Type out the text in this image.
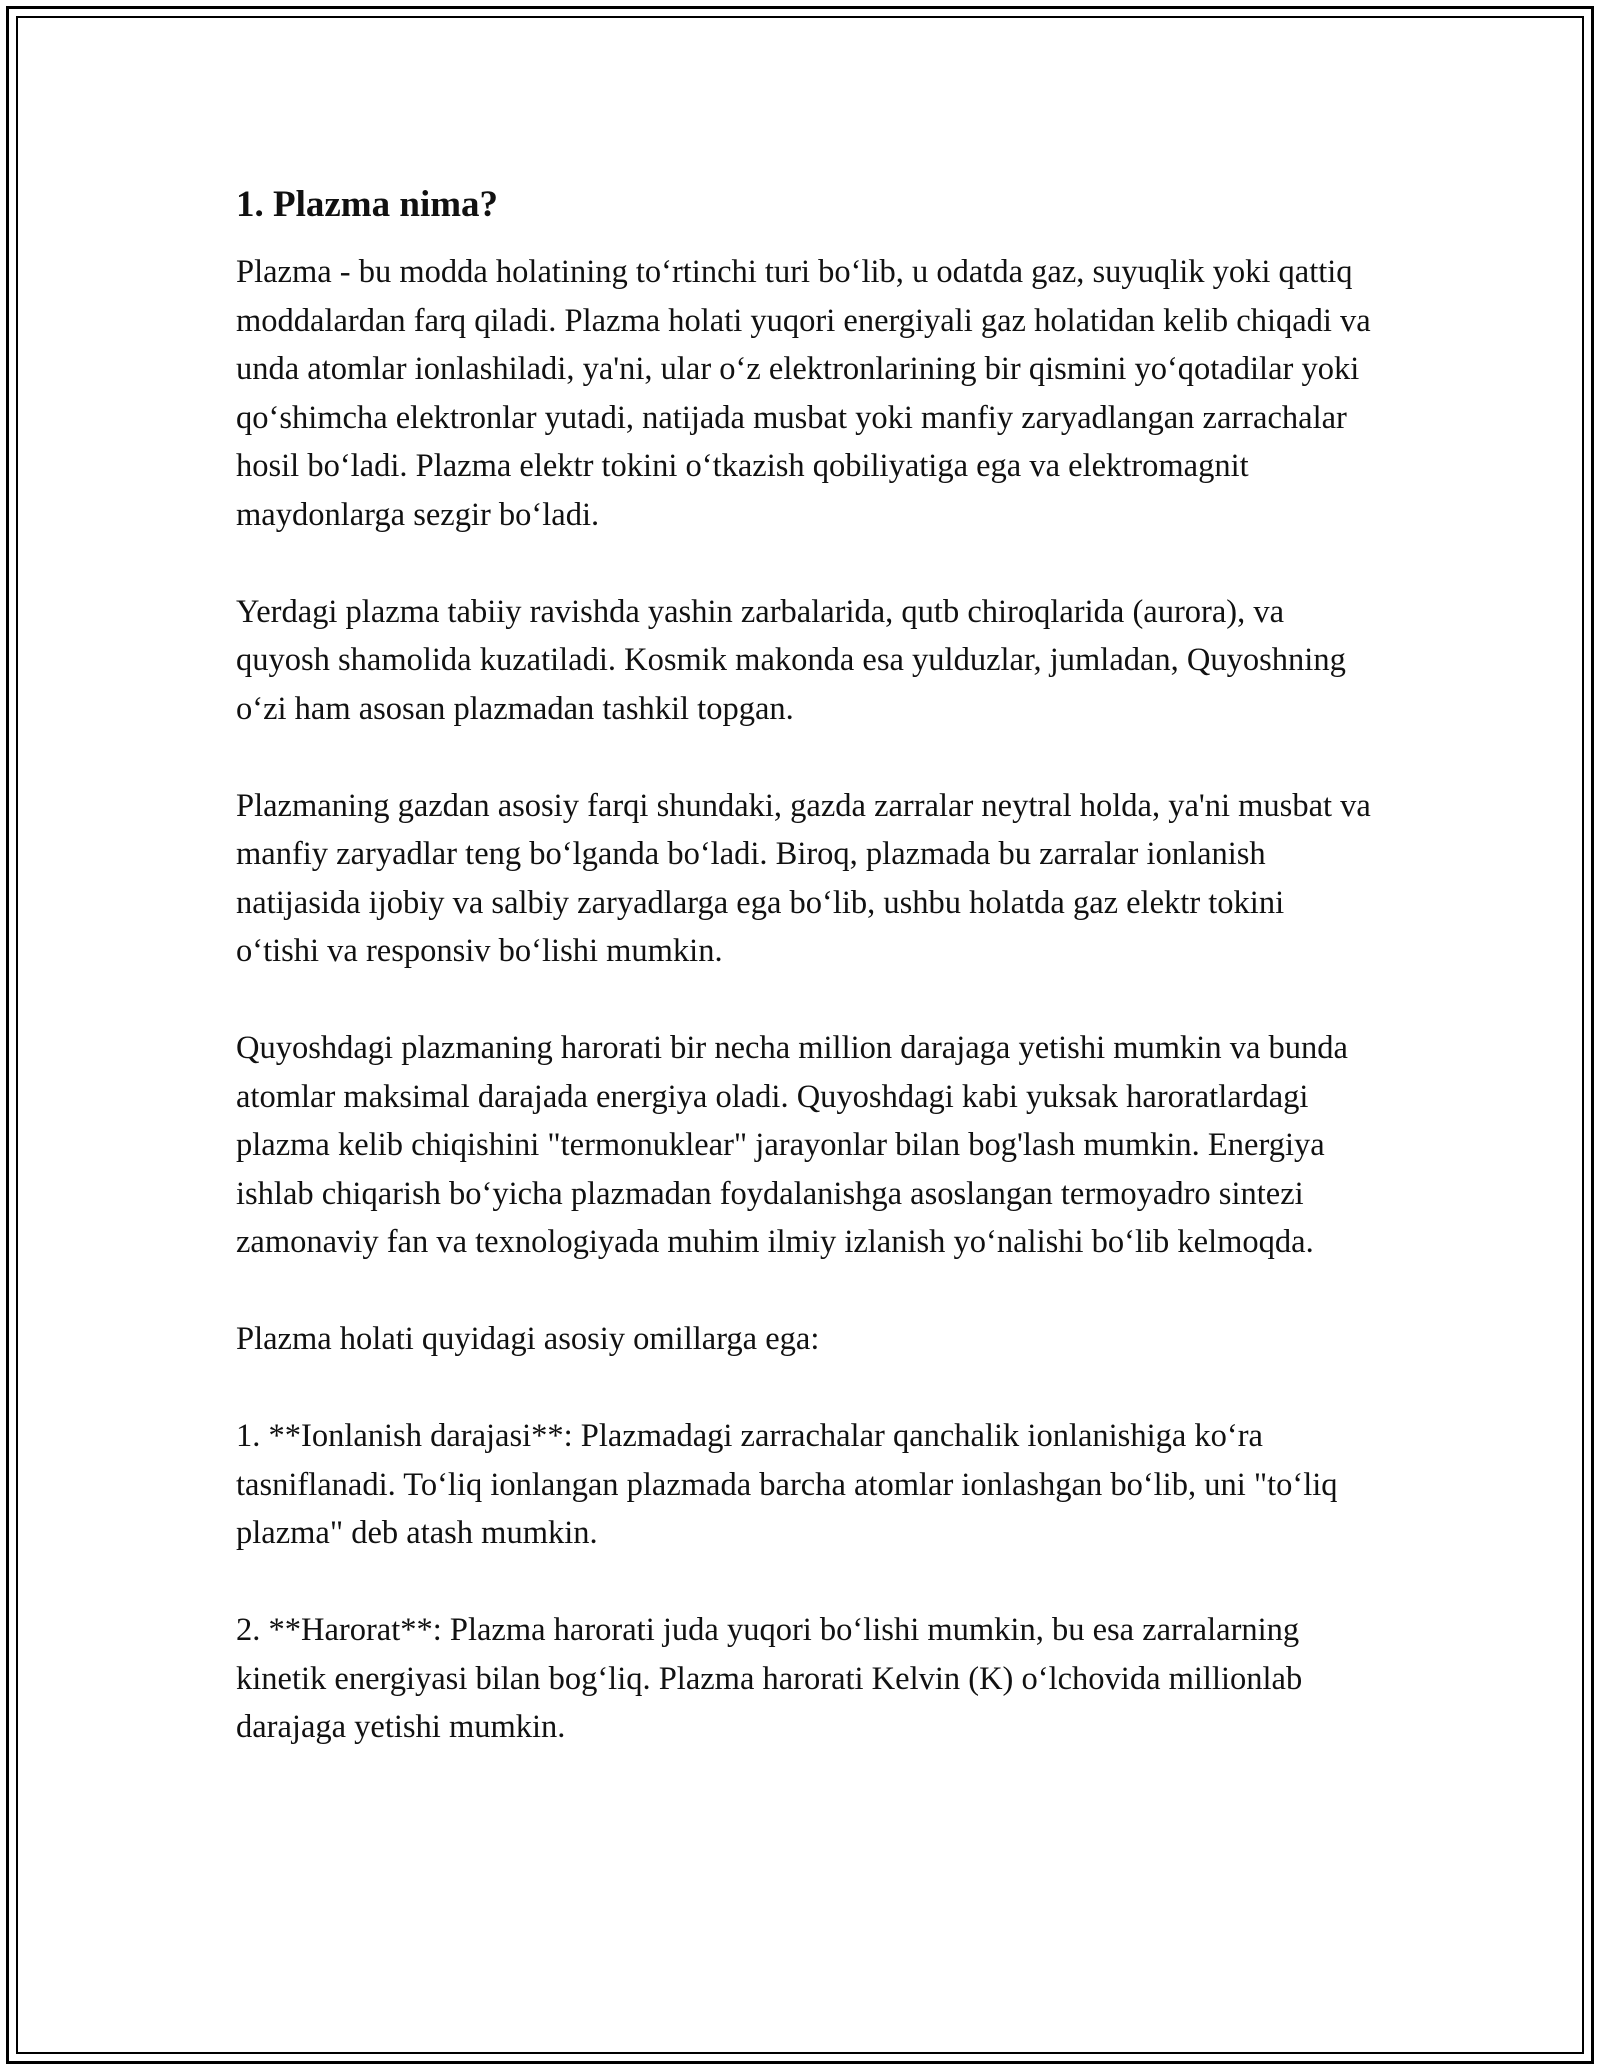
1. Plazma nima?

Plazma - bu modda holatining to‘rtinchi turi bo‘lib, u odatda gaz, suyuqlik yoki qattiq moddalardan farq qiladi. Plazma holati yuqori energiyali gaz holatidan kelib chiqadi va unda atomlar ionlashiladi, ya'ni, ular o‘z elektronlarining bir qismini yo‘qotadilar yoki qo‘shimcha elektronlar yutadi, natijada musbat yoki manfiy zaryadlangan zarrachalar hosil bo‘ladi. Plazma elektr tokini o‘tkazish qobiliyatiga ega va elektromagnit maydonlarga sezgir bo‘ladi.

Yerdagi plazma tabiiy ravishda yashin zarbalarida, qutb chiroqlarida (aurora), va quyosh shamolida kuzatiladi. Kosmik makonda esa yulduzlar, jumladan, Quyoshning o‘zi ham asosan plazmadan tashkil topgan.

Plazmaning gazdan asosiy farqi shundaki, gazda zarralar neytral holda, ya'ni musbat va manfiy zaryadlar teng bo‘lganda bo‘ladi. Biroq, plazmada bu zarralar ionlanish natijasida ijobiy va salbiy zaryadlarga ega bo‘lib, ushbu holatda gaz elektr tokini o‘tishi va responsiv bo‘lishi mumkin.

Quyoshdagi plazmaning harorati bir necha million darajaga yetishi mumkin va bunda atomlar maksimal darajada energiya oladi. Quyoshdagi kabi yuksak haroratlardagi plazma kelib chiqishini "termonuklear" jarayonlar bilan bog'lash mumkin. Energiya ishlab chiqarish bo‘yicha plazmadan foydalanishga asoslangan termoyadro sintezi zamonaviy fan va texnologiyada muhim ilmiy izlanish yo‘nalishi bo‘lib kelmoqda.

Plazma holati quyidagi asosiy omillarga ega:

1. **Ionlanish darajasi**: Plazmadagi zarrachalar qanchalik ionlanishiga ko‘ra tasniflanadi. To‘liq ionlangan plazmada barcha atomlar ionlashgan bo‘lib, uni "to‘liq plazma" deb atash mumkin.

2. **Harorat**: Plazma harorati juda yuqori bo‘lishi mumkin, bu esa zarralarning kinetik energiyasi bilan bog‘liq. Plazma harorati Kelvin (K) o‘lchovida millionlab darajaga yetishi mumkin.
